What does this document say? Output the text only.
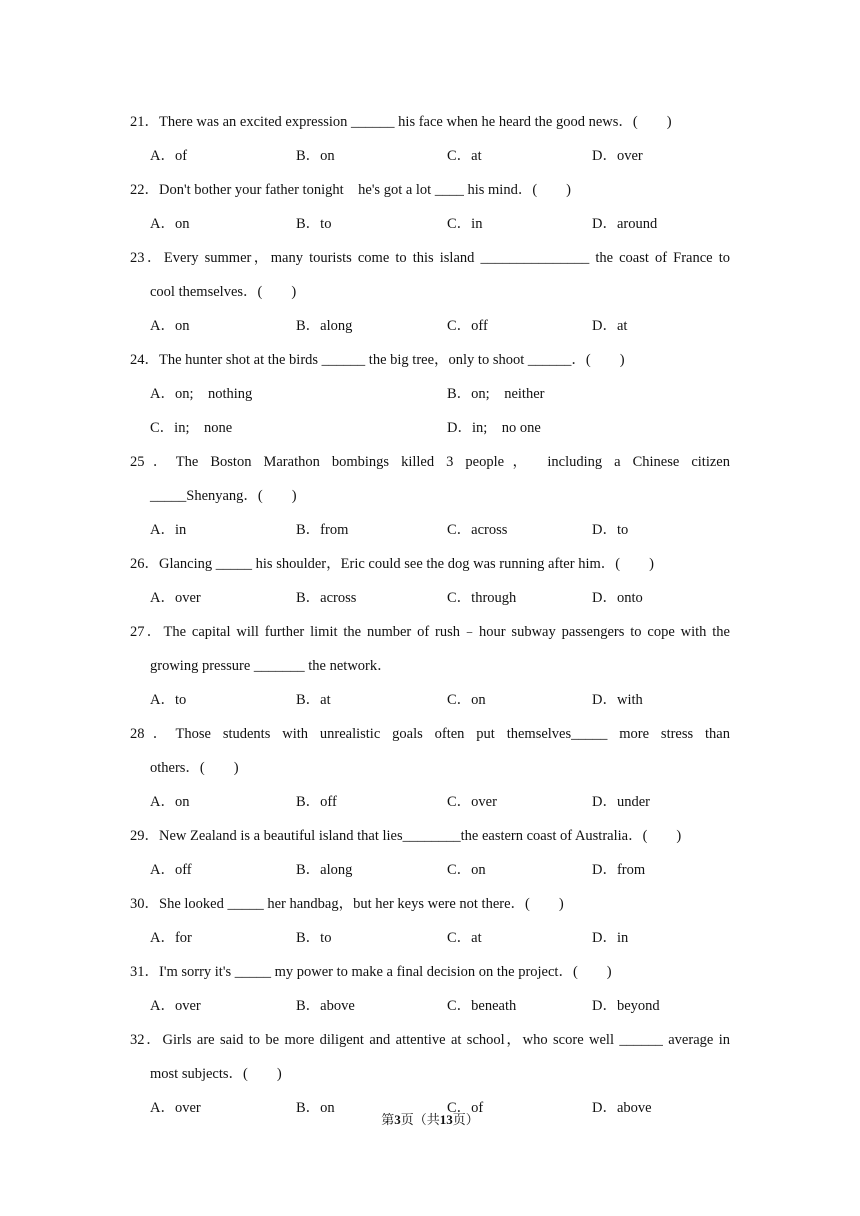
21．There was an excited expression ______ his face when he heard the good news．(　　)
A．of	B．on	C．at	D．over
22．Don't bother your father tonight　he's got a lot ____ his mind．(　　)
A．on	B．to	C．in	D．around
23．Every summer，many tourists come to this island _______________ the coast of France to
cool themselves．(　　)
A．on	B．along	C．off	D．at
24．The hunter shot at the birds ______ the big tree，only to shoot ______．(　　)
A．on;　nothing	B．on;　neither
C．in;　none	D．in;　no one
25．The Boston Marathon bombings killed 3 people， including a Chinese citizen
_____Shenyang．(　　)
A．in	B．from	C．across	D．to
26．Glancing _____ his shoulder，Eric could see the dog was running after him．(　　)
A．over	B．across	C．through	D．onto
27．The capital will further limit the number of rush﹣hour subway passengers to cope with the
growing pressure _______ the network．
A．to	B．at	C．on	D．with
28．Those students with unrealistic goals often put themselves_____ more stress than
others．(　　)
A．on	B．off	C．over	D．under
29．New Zealand is a beautiful island that lies________the eastern coast of Australia．(　　)
A．off	B．along	C．on	D．from
30．She looked _____ her handbag，but her keys were not there．(　　)
A．for	B．to	C．at	D．in
31．I'm sorry it's _____ my power to make a final decision on the project．(　　)
A．over	B．above	C．beneath	D．beyond
32．Girls are said to be more diligent and attentive at school，who score well ______ average in
most subjects．(　　)
A．over	B．on	C．of	D．above
第3页（共13页）
